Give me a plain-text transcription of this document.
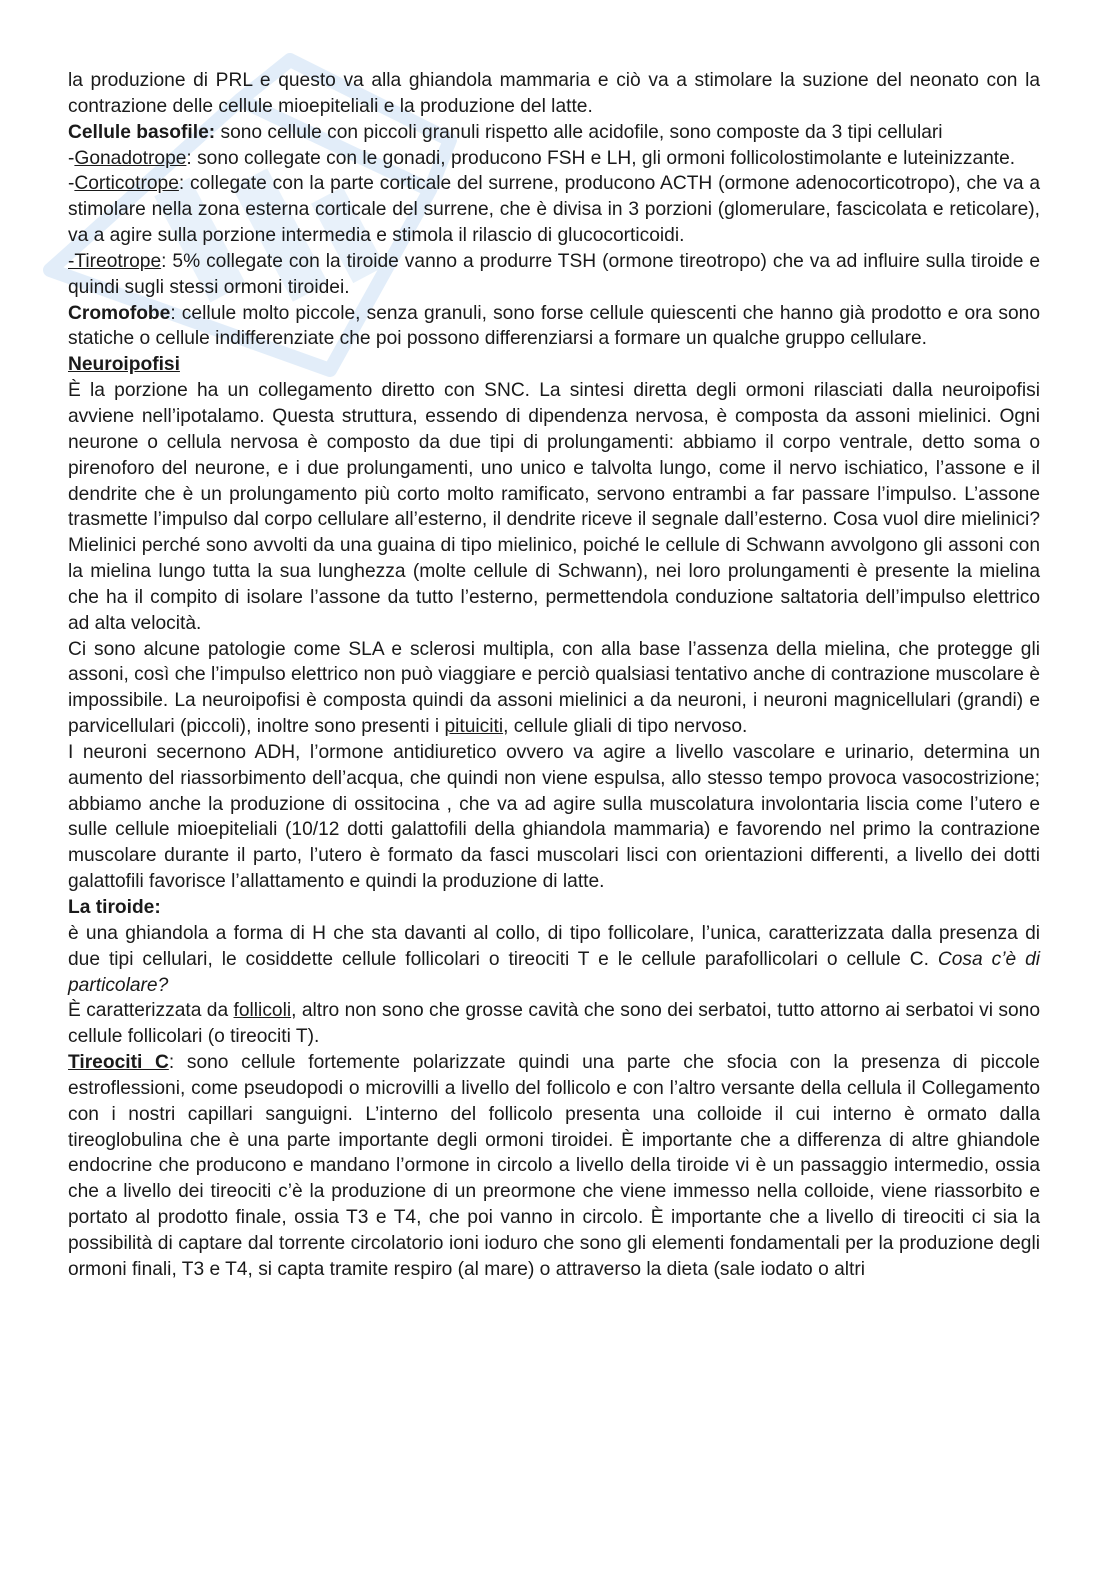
la produzione di PRL e questo va alla ghiandola mammaria e ciò va a stimolare la suzione del neonato con la contrazione delle cellule mioepiteliali e la produzione del latte.

Cellule basofile: sono cellule con piccoli granuli rispetto alle acidofile, sono composte da 3 tipi cellulari

-Gonadotrope: sono collegate con le gonadi, producono FSH e LH, gli ormoni follicolostimolante e luteinizzante.

-Corticotrope: collegate con la parte corticale del surrene, producono ACTH (ormone adenocorticotropo), che va a stimolare nella zona esterna corticale del surrene, che è divisa in 3 porzioni (glomerulare, fascicolata e reticolare), va a agire sulla porzione intermedia e stimola il rilascio di glucocorticoidi.

-Tireotrope: 5% collegate con la tiroide vanno a produrre TSH (ormone tireotropo) che va ad influire sulla tiroide e quindi sugli stessi ormoni tiroidei.

Cromofobe: cellule molto piccole, senza granuli, sono forse cellule quiescenti che hanno già prodotto e ora sono statiche o cellule indifferenziate che poi possono differenziarsi a formare un qualche gruppo cellulare.

Neuroipofisi

È la porzione ha un collegamento diretto con SNC. La sintesi diretta degli ormoni rilasciati dalla neuroipofisi avviene nell’ipotalamo. Questa struttura, essendo di dipendenza nervosa, è composta da assoni mielinici. Ogni neurone o cellula nervosa è composto da due tipi di prolungamenti: abbiamo il corpo ventrale, detto soma o pirenoforo del neurone, e i due prolungamenti, uno unico e talvolta lungo, come il nervo ischiatico, l’assone e il dendrite che è un prolungamento più corto molto ramificato, servono entrambi a far passare l’impulso. L’assone trasmette l’impulso dal corpo cellulare all’esterno, il dendrite riceve il segnale dall’esterno. Cosa vuol dire mielinici? Mielinici perché sono avvolti da una guaina di tipo mielinico, poiché le cellule di Schwann avvolgono gli assoni con la mielina lungo tutta la sua lunghezza (molte cellule di Schwann), nei loro prolungamenti è presente la mielina che ha il compito di isolare l’assone da tutto l’esterno, permettendola conduzione saltatoria dell’impulso elettrico ad alta velocità.

Ci sono alcune patologie come SLA e sclerosi multipla, con alla base l’assenza della mielina, che protegge gli assoni, così che l’impulso elettrico non può viaggiare e perciò qualsiasi tentativo anche di contrazione muscolare è impossibile. La neuroipofisi è composta quindi da assoni mielinici a da neuroni, i neuroni magnicellulari (grandi) e parvicellulari (piccoli), inoltre sono presenti i pituiciti, cellule gliali di tipo nervoso.

I neuroni secernono ADH, l’ormone antidiuretico ovvero va agire a livello vascolare e urinario, determina un aumento del riassorbimento dell’acqua, che quindi non viene espulsa, allo stesso tempo provoca vasocostrizione; abbiamo anche la produzione di ossitocina , che va ad agire sulla muscolatura involontaria liscia come l’utero e sulle cellule mioepiteliali (10/12 dotti galattofili della ghiandola mammaria) e favorendo nel primo la contrazione muscolare durante il parto, l’utero è formato da fasci muscolari lisci con orientazioni differenti, a livello dei dotti galattofili favorisce l’allattamento e quindi la produzione di latte.

La tiroide:

è una ghiandola a forma di H che sta davanti al collo, di tipo follicolare, l’unica, caratterizzata dalla presenza di due tipi cellulari, le cosiddette cellule follicolari o tireociti T e le cellule parafollicolari o cellule C. Cosa c’è di particolare?

È caratterizzata da follicoli, altro non sono che grosse cavità che sono dei serbatoi, tutto attorno ai serbatoi vi sono cellule follicolari (o tireociti T).

Tireociti C: sono cellule fortemente polarizzate quindi una parte che sfocia con la presenza di piccole estroflessioni, come pseudopodi o microvilli a livello del follicolo e con l’altro versante della cellula il Collegamento con i nostri capillari sanguigni. L’interno del follicolo presenta una colloide il cui interno è ormato dalla tireoglobulina che è una parte importante degli ormoni tiroidei. È importante che a differenza di altre ghiandole endocrine che producono e mandano l’ormone in circolo a livello della tiroide vi è un passaggio intermedio, ossia che a livello dei tireociti c’è la produzione di un preormone che viene immesso nella colloide, viene riassorbito e portato al prodotto finale, ossia T3 e T4, che poi vanno in circolo. È importante che a livello di tireociti ci sia la possibilità di captare dal torrente circolatorio ioni ioduro che sono gli elementi fondamentali per la produzione degli ormoni finali, T3 e T4, si capta tramite respiro (al mare) o attraverso la dieta (sale iodato o altri
